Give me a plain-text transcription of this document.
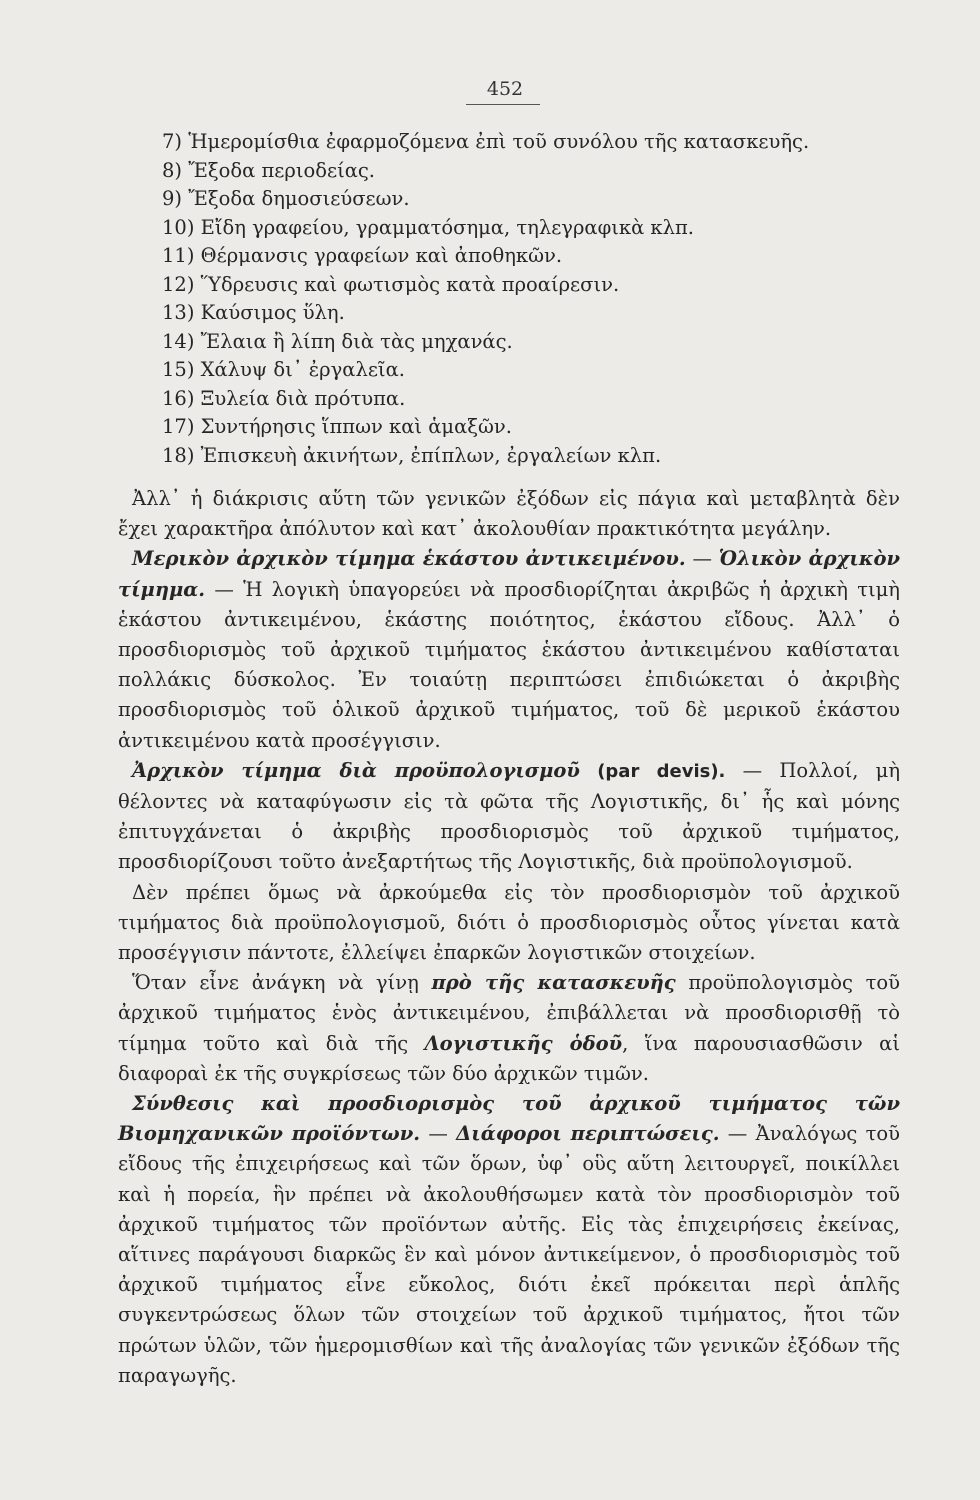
452
7) Ἡμερομίσθια ἐφαρμοζόμενα ἐπὶ τοῦ συνόλου τῆς κατασκευῆς.
8) Ἔξοδα περιοδείας.
9) Ἔξοδα δημοσιεύσεων.
10) Εἴδη γραφείου, γραμματόσημα, τηλεγραφικὰ κλπ.
11) Θέρμανσις γραφείων καὶ ἀποθηκῶν.
12) Ὕδρευσις καὶ φωτισμὸς κατὰ προαίρεσιν.
13) Καύσιμος ὕλη.
14) Ἔλαια ἢ λίπη διὰ τὰς μηχανάς.
15) Χάλυψ δι᾽ ἐργαλεῖα.
16) Ξυλεία διὰ πρότυπα.
17) Συντήρησις ἵππων καὶ ἁμαξῶν.
18) Ἐπισκευὴ ἀκινήτων, ἐπίπλων, ἐργαλείων κλπ.

Ἀλλ᾽ ἡ διάκρισις αὕτη τῶν γενικῶν ἐξόδων εἰς πάγια καὶ μεταβλητὰ δὲν ἔχει χαρακτῆρα ἀπόλυτον καὶ κατ᾽ ἀκολουθίαν πρακτικότητα μεγάλην.

Μερικὸν ἀρχικὸν τίμημα ἑκάστου ἀντικειμένου. — Ὁλικὸν ἀρχικὸν τίμημα. — Ἡ λογικὴ ὑπαγορεύει νὰ προσδιορίζηται ἀκριβῶς ἡ ἀρχικὴ τιμὴ ἑκάστου ἀντικειμένου, ἑκάστης ποιότητος, ἑκάστου εἴδους. Ἀλλ᾽ ὁ προσδιορισμὸς τοῦ ἀρχικοῦ τιμήματος ἑκάστου ἀντικειμένου καθίσταται πολλάκις δύσκολος. Ἐν τοιαύτῃ περιπτώσει ἐπιδιώκεται ὁ ἀκριβὴς προσδιορισμὸς τοῦ ὁλικοῦ ἀρχικοῦ τιμήματος, τοῦ δὲ μερικοῦ ἑκάστου ἀντικειμένου κατὰ προσέγγισιν.

Ἀρχικὸν τίμημα διὰ προϋπολογισμοῦ (par devis). — Πολλοί, μὴ θέλοντες νὰ καταφύγωσιν εἰς τὰ φῶτα τῆς Λογιστικῆς, δι᾽ ἧς καὶ μόνης ἐπιτυγχάνεται ὁ ἀκριβὴς προσδιορισμὸς τοῦ ἀρχικοῦ τιμήματος, προσδιορίζουσι τοῦτο ἀνεξαρτήτως τῆς Λογιστικῆς, διὰ προϋπολογισμοῦ.

Δὲν πρέπει ὅμως νὰ ἀρκούμεθα εἰς τὸν προσδιορισμὸν τοῦ ἀρχικοῦ τιμήματος διὰ προϋπολογισμοῦ, διότι ὁ προσδιορισμὸς οὗτος γίνεται κατὰ προσέγγισιν πάντοτε, ἐλλείψει ἐπαρκῶν λογιστικῶν στοιχείων.

Ὅταν εἶνε ἀνάγκη νὰ γίνῃ πρὸ τῆς κατασκευῆς προϋπολογισμὸς τοῦ ἀρχικοῦ τιμήματος ἑνὸς ἀντικειμένου, ἐπιβάλλεται νὰ προσδιορισθῇ τὸ τίμημα τοῦτο καὶ διὰ τῆς Λογιστικῆς ὁδοῦ, ἵνα παρουσιασθῶσιν αἱ διαφοραὶ ἐκ τῆς συγκρίσεως τῶν δύο ἀρχικῶν τιμῶν.

Σύνθεσις καὶ προσδιορισμὸς τοῦ ἀρχικοῦ τιμήματος τῶν Βιομηχανικῶν προϊόντων. — Διάφοροι περιπτώσεις. — Ἀναλόγως τοῦ εἴδους τῆς ἐπιχειρήσεως καὶ τῶν ὅρων, ὑφ᾽ οὓς αὕτη λειτουργεῖ, ποικίλλει καὶ ἡ πορεία, ἣν πρέπει νὰ ἀκολουθήσωμεν κατὰ τὸν προσδιορισμὸν τοῦ ἀρχικοῦ τιμήματος τῶν προϊόντων αὐτῆς. Εἰς τὰς ἐπιχειρήσεις ἐκείνας, αἵτινες παράγουσι διαρκῶς ἓν καὶ μόνον ἀντικείμενον, ὁ προσδιορισμὸς τοῦ ἀρχικοῦ τιμήματος εἶνε εὔκολος, διότι ἐκεῖ πρόκειται περὶ ἁπλῆς συγκεντρώσεως ὅλων τῶν στοιχείων τοῦ ἀρχικοῦ τιμήματος, ἤτοι τῶν πρώτων ὑλῶν, τῶν ἡμερομισθίων καὶ τῆς ἀναλογίας τῶν γενικῶν ἐξόδων τῆς παραγωγῆς.
